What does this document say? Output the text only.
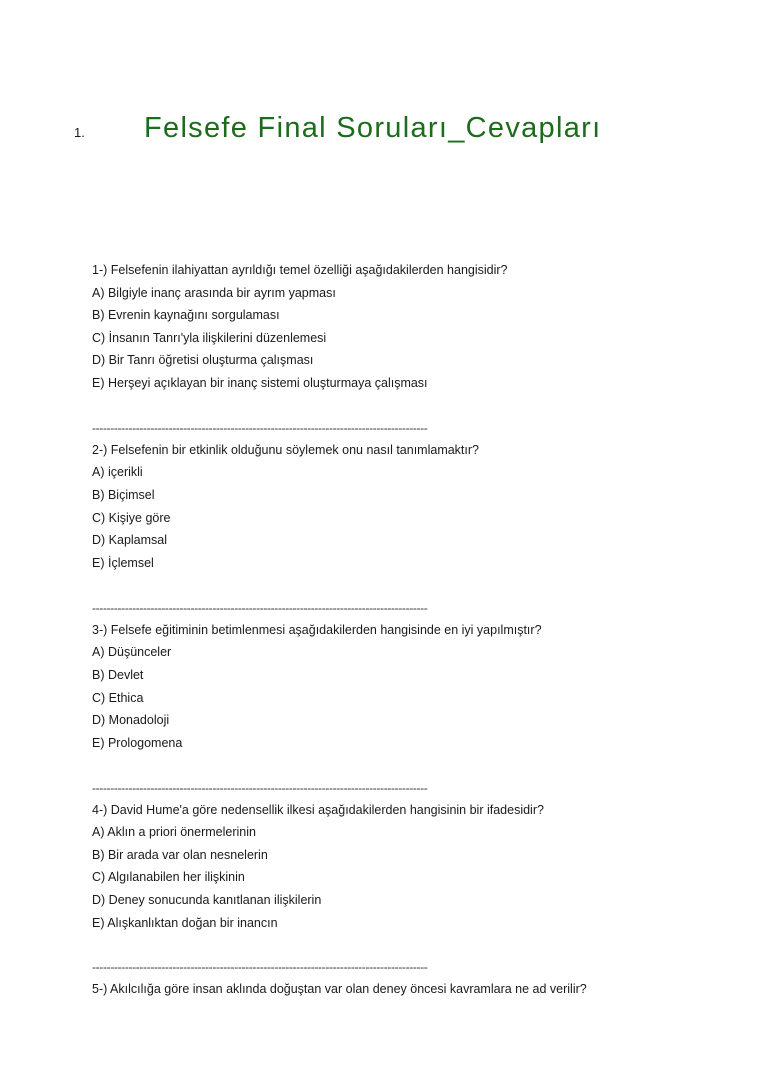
1. Felsefe Final Soruları_Cevapları
1-) Felsefenin ilahiyattan ayrıldığı temel özelliği aşağıdakilerden hangisidir?
A) Bilgiyle inanç arasında bir ayrım yapması
B) Evrenin kaynağını sorgulaması
C) İnsanın Tanrı'yla ilişkilerini düzenlemesi
D) Bir Tanrı öğretisi oluşturma çalışması
E) Herşeyi açıklayan bir inanç sistemi oluşturmaya çalışması
--------------------------------------------------------------------------------------------
2-) Felsefenin bir etkinlik olduğunu söylemek onu nasıl tanımlamaktır?
A) içerikli
B) Biçimsel
C) Kişiye göre
D) Kaplamsal
E) İçlemsel
--------------------------------------------------------------------------------------------
3-) Felsefe eğitiminin betimlenmesi aşağıdakilerden hangisinde en iyi yapılmıştır?
A) Düşünceler
B) Devlet
C) Ethica
D) Monadoloji
E) Prologomena
--------------------------------------------------------------------------------------------
4-) David Hume'a göre nedensellik ilkesi aşağıdakilerden hangisinin bir ifadesidir?
A) Aklın a priori önermelerinin
B) Bir arada var olan nesnelerin
C) Algılanabilen her ilişkinin
D) Deney sonucunda kanıtlanan ilişkilerin
E) Alışkanlıktan doğan bir inancın
--------------------------------------------------------------------------------------------
5-) Akılcılığa göre insan aklında doğuştan var olan deney öncesi kavramlara ne ad verilir?
